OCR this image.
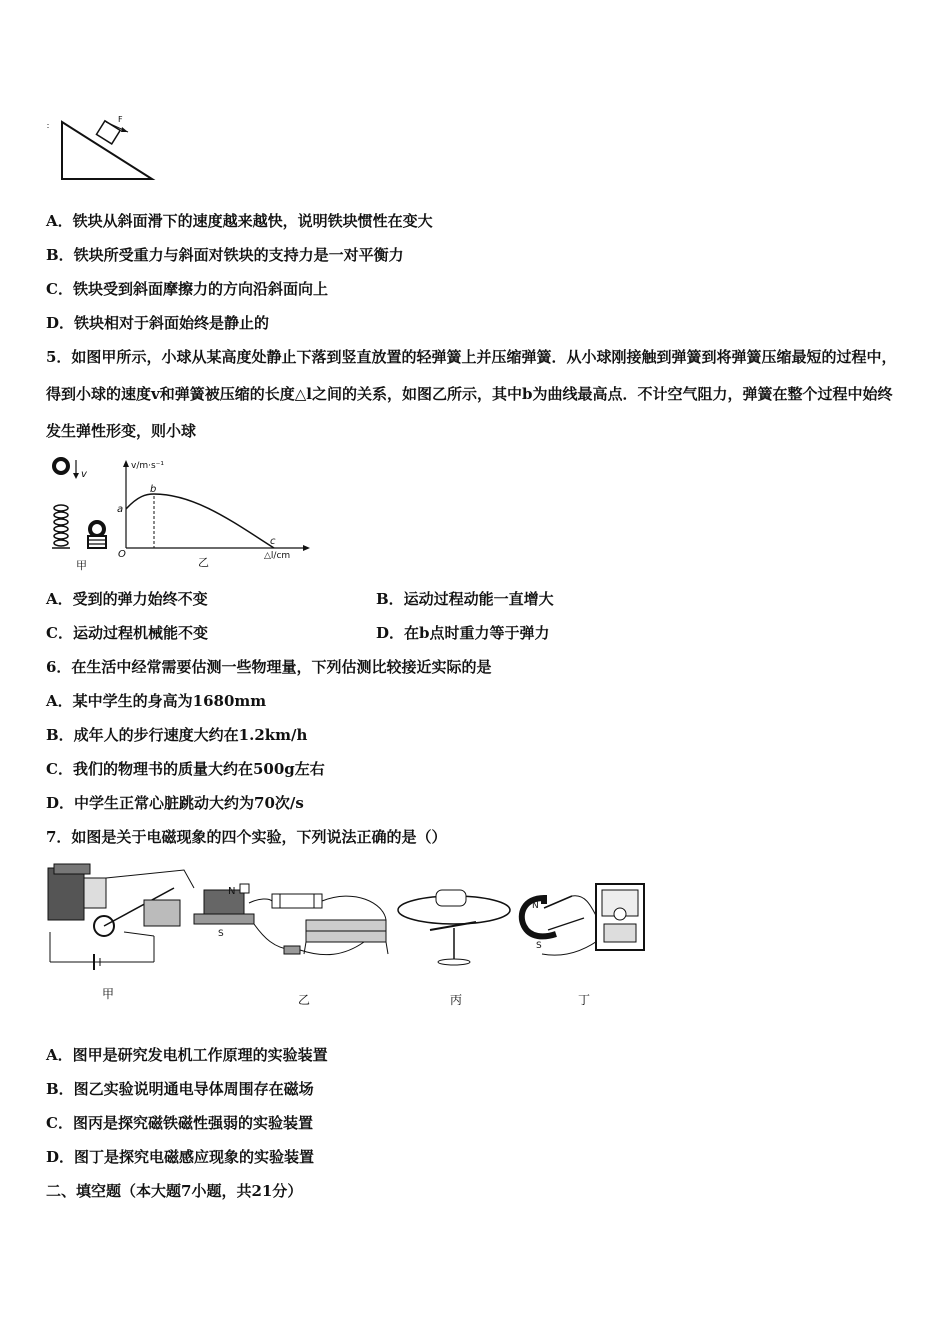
F
A．铁块从斜面滑下的速度越来越快，说明铁块惯性在变大
B．铁块所受重力与斜面对铁块的支持力是一对平衡力
C．铁块受到斜面摩擦力的方向沿斜面向上
D．铁块相对于斜面始终是静止的
5．如图甲所示，小球从某高度处静止下落到竖直放置的轻弹簧上并压缩弹簧．从小球刚接触到弹簧到将弹簧压缩最短的过程中，得到小球的速度v和弹簧被压缩的长度△l之间的关系，如图乙所示，其中b为曲线最高点．不计空气阻力，弹簧在整个过程中始终发生弹性形变，则小球
v
甲
v/m·s⁻¹
△l/cm
O
a
b
c
乙
A．受到的弹力始终不变	B．运动过程动能一直增大
C．运动过程机械能不变	D．在b点时重力等于弹力
6．在生活中经常需要估测一些物理量，下列估测比较接近实际的是
A．某中学生的身高为1680mm
B．成年人的步行速度大约在1.2km/h
C．我们的物理书的质量大约在500g左右
D．中学生正常心脏跳动大约为70次/s
7．如图是关于电磁现象的四个实验，下列说法正确的是（）
甲
N
S
乙	丙
N
S
丁
A．图甲是研究发电机工作原理的实验装置
B．图乙实验说明通电导体周围存在磁场
C．图丙是探究磁铁磁性强弱的实验装置
D．图丁是探究电磁感应现象的实验装置
二、填空题（本大题7小题，共21分）
